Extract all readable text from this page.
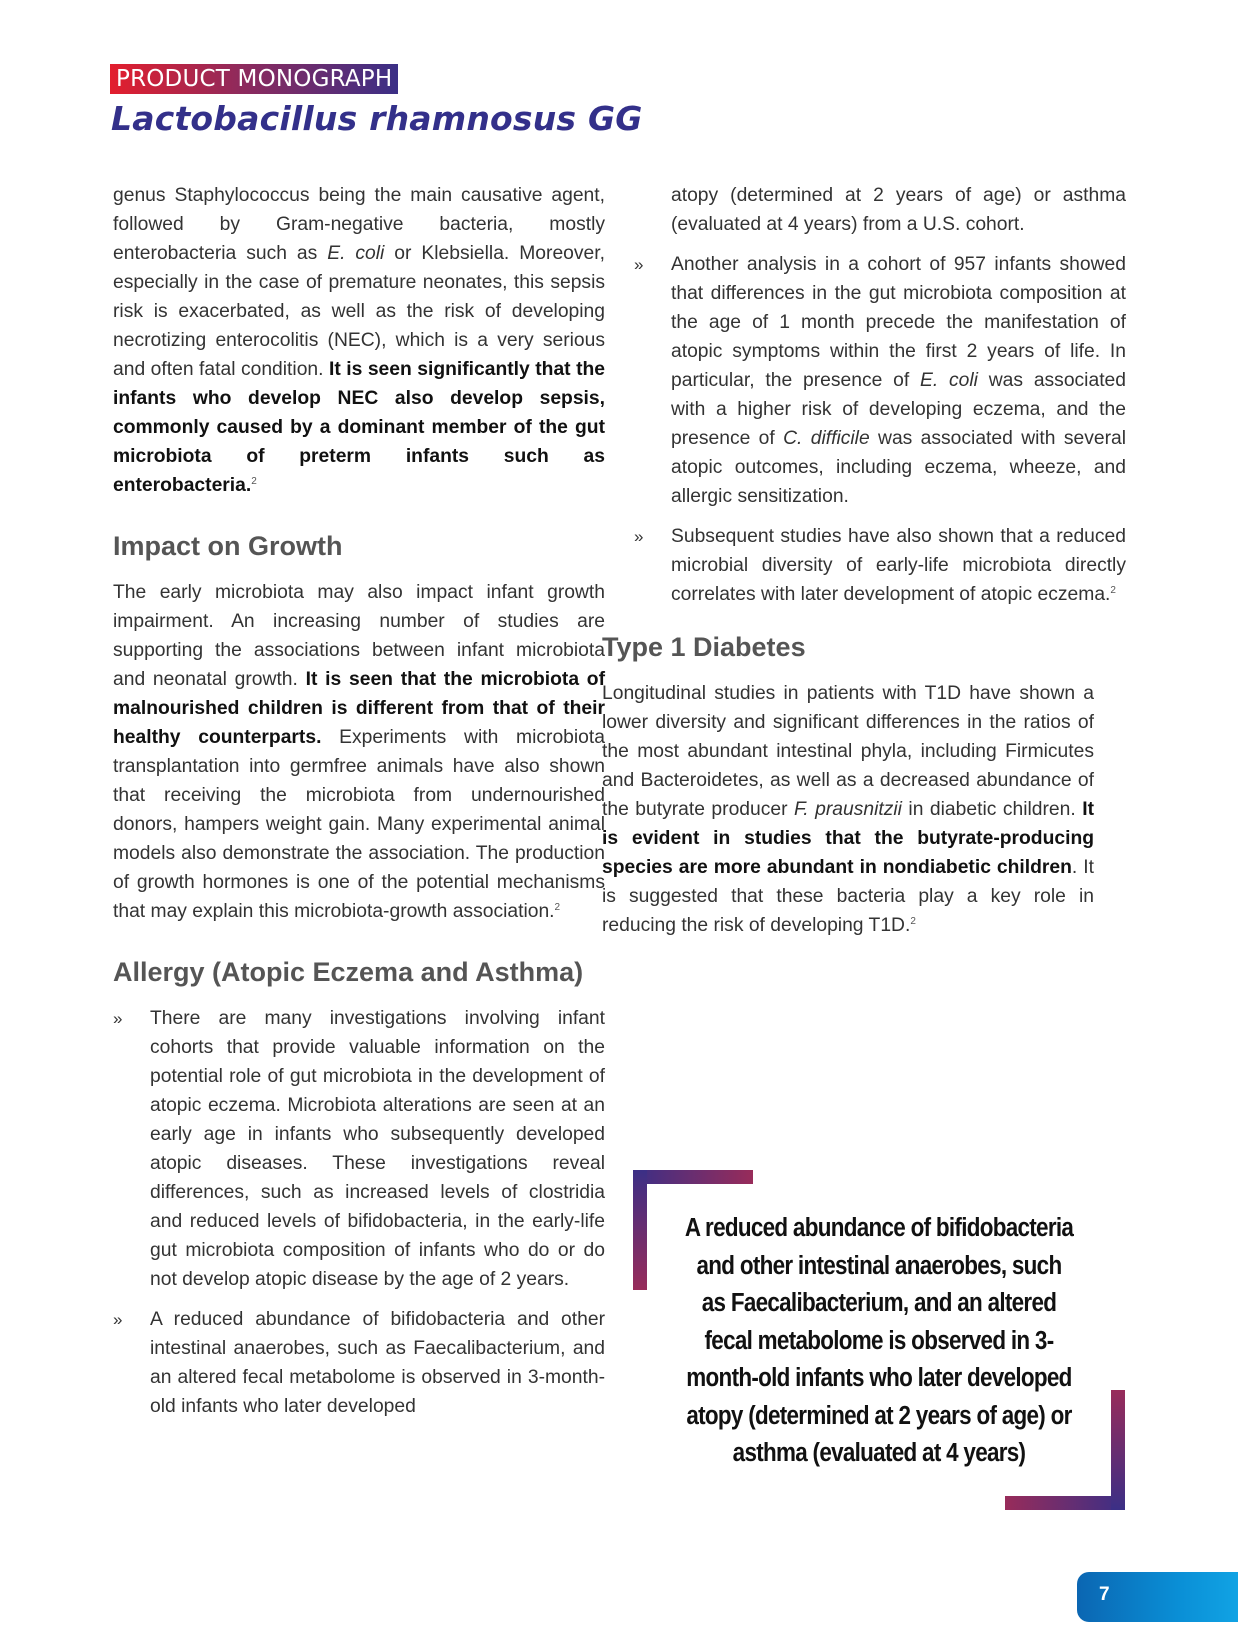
PRODUCT MONOGRAPH
Lactobacillus rhamnosus GG

genus Staphylococcus being the main causative agent, followed by Gram-negative bacteria, mostly enterobacteria such as E. coli or Klebsiella. Moreover, especially in the case of premature neonates, this sepsis risk is exacerbated, as well as the risk of developing necrotizing enterocolitis (NEC), which is a very serious and often fatal condition. It is seen significantly that the infants who develop NEC also develop sepsis, commonly caused by a dominant member of the gut microbiota of preterm infants such as enterobacteria.$^2$

Impact on Growth

The early microbiota may also impact infant growth impairment. An increasing number of studies are supporting the associations between infant microbiota and neonatal growth. It is seen that the microbiota of malnourished children is different from that of their healthy counterparts. Experiments with microbiota transplantation into germfree animals have also shown that receiving the microbiota from undernourished donors, hampers weight gain. Many experimental animal models also demonstrate the association. The production of growth hormones is one of the potential mechanisms that may explain this microbiota-growth association.$^2$

Allergy (Atopic Eczema and Asthma)
» There are many investigations involving infant cohorts that provide valuable information on the potential role of gut microbiota in the development of atopic eczema. Microbiota alterations are seen at an early age in infants who subsequently developed atopic diseases. These investigations reveal differences, such as increased levels of clostridia and reduced levels of bifidobacteria, in the early-life gut microbiota composition of infants who do or do not develop atopic disease by the age of 2 years.
» A reduced abundance of bifidobacteria and other intestinal anaerobes, such as Faecalibacterium, and an altered fecal metabolome is observed in 3-month-old infants who later developed
atopy (determined at 2 years of age) or asthma (evaluated at 4 years) from a U.S. cohort.
» Another analysis in a cohort of 957 infants showed that differences in the gut microbiota composition at the age of 1 month precede the manifestation of atopic symptoms within the first 2 years of life. In particular, the presence of E. coli was associated with a higher risk of developing eczema, and the presence of C. difficile was associated with several atopic outcomes, including eczema, wheeze, and allergic sensitization.
» Subsequent studies have also shown that a reduced microbial diversity of early-life microbiota directly correlates with later development of atopic eczema.$^2$
Type 1 Diabetes

Longitudinal studies in patients with T1D have shown a lower diversity and significant differences in the ratios of the most abundant intestinal phyla, including Firmicutes and Bacteroidetes, as well as a decreased abundance of the butyrate producer F. prausnitzii in diabetic children. It is evident in studies that the butyrate-producing species are more abundant in nondiabetic children. It is suggested that these bacteria play a key role in reducing the risk of developing T1D.$^2$

A reduced abundance of bifidobacteria and other intestinal anaerobes, such as Faecalibacterium, and an altered fecal metabolome is observed in 3-month-old infants who later developed atopy (determined at 2 years of age) or asthma (evaluated at 4 years)
7
